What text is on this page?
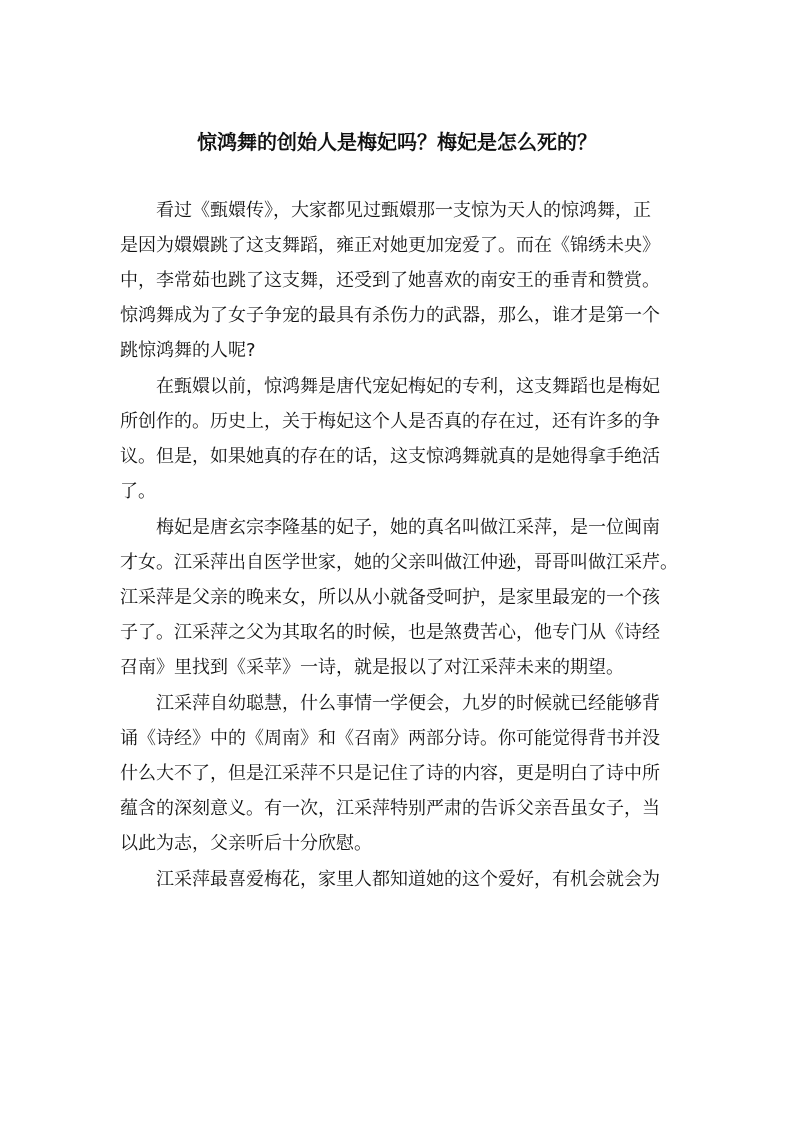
惊鸿舞的创始人是梅妃吗？梅妃是怎么死的？
看过《甄嬛传》，大家都见过甄嬛那一支惊为天人的惊鸿舞，正
是因为嬛嬛跳了这支舞蹈，雍正对她更加宠爱了。而在《锦绣未央》
中，李常茹也跳了这支舞，还受到了她喜欢的南安王的垂青和赞赏。
惊鸿舞成为了女子争宠的最具有杀伤力的武器，那么，谁才是第一个
跳惊鸿舞的人呢?
在甄嬛以前，惊鸿舞是唐代宠妃梅妃的专利，这支舞蹈也是梅妃
所创作的。历史上，关于梅妃这个人是否真的存在过，还有许多的争
议。但是，如果她真的存在的话，这支惊鸿舞就真的是她得拿手绝活
了。
梅妃是唐玄宗李隆基的妃子，她的真名叫做江采萍，是一位闽南
才女。江采萍出自医学世家，她的父亲叫做江仲逊，哥哥叫做江采芹。
江采萍是父亲的晚来女，所以从小就备受呵护，是家里最宠的一个孩
子了。江采萍之父为其取名的时候，也是煞费苦心，他专门从《诗经
召南》里找到《采苹》一诗，就是报以了对江采萍未来的期望。
江采萍自幼聪慧，什么事情一学便会，九岁的时候就已经能够背
诵《诗经》中的《周南》和《召南》两部分诗。你可能觉得背书并没
什么大不了，但是江采萍不只是记住了诗的内容，更是明白了诗中所
蕴含的深刻意义。有一次，江采萍特别严肃的告诉父亲吾虽女子，当
以此为志，父亲听后十分欣慰。
江采萍最喜爱梅花，家里人都知道她的这个爱好，有机会就会为
